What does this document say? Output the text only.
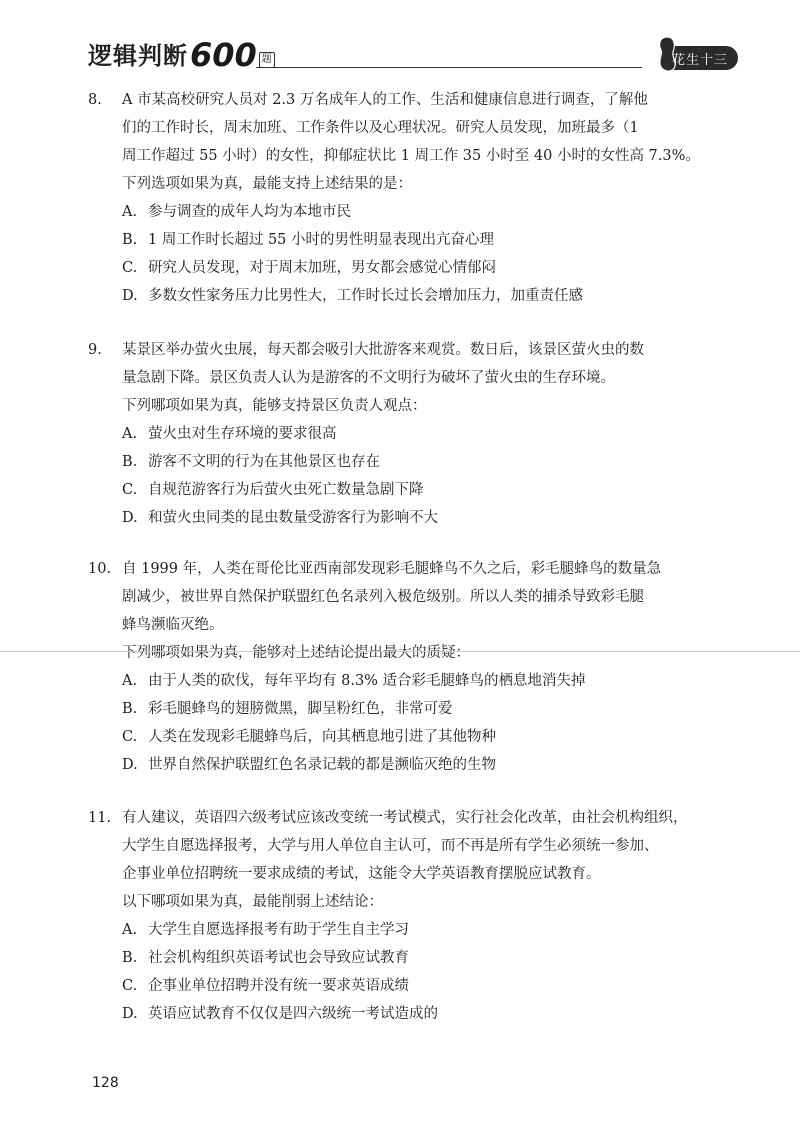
逻辑判断 600 题	花生十三
8. A 市某高校研究人员对 2.3 万名成年人的工作、生活和健康信息进行调查，了解他
们的工作时长，周末加班、工作条件以及心理状况。研究人员发现，加班最多（1
周工作超过 55 小时）的女性，抑郁症状比 1 周工作 35 小时至 40 小时的女性高 7.3%。
下列选项如果为真，最能支持上述结果的是：
A. 参与调查的成年人均为本地市民
B. 1 周工作时长超过 55 小时的男性明显表现出亢奋心理
C. 研究人员发现，对于周末加班，男女都会感觉心情郁闷
D. 多数女性家务压力比男性大，工作时长过长会增加压力，加重责任感
9. 某景区举办萤火虫展，每天都会吸引大批游客来观赏。数日后，该景区萤火虫的数
量急剧下降。景区负责人认为是游客的不文明行为破坏了萤火虫的生存环境。
下列哪项如果为真，能够支持景区负责人观点：
A. 萤火虫对生存环境的要求很高
B. 游客不文明的行为在其他景区也存在
C. 自规范游客行为后萤火虫死亡数量急剧下降
D. 和萤火虫同类的昆虫数量受游客行为影响不大
10. 自 1999 年，人类在哥伦比亚西南部发现彩毛腿蜂鸟不久之后，彩毛腿蜂鸟的数量急
剧减少，被世界自然保护联盟红色名录列入极危级别。所以人类的捕杀导致彩毛腿
蜂鸟濒临灭绝。
下列哪项如果为真，能够对上述结论提出最大的质疑：
A. 由于人类的砍伐，每年平均有 8.3% 适合彩毛腿蜂鸟的栖息地消失掉
B. 彩毛腿蜂鸟的翅膀微黑，脚呈粉红色，非常可爱
C. 人类在发现彩毛腿蜂鸟后，向其栖息地引进了其他物种
D. 世界自然保护联盟红色名录记载的都是濒临灭绝的生物
11. 有人建议，英语四六级考试应该改变统一考试模式，实行社会化改革，由社会机构组织，
大学生自愿选择报考，大学与用人单位自主认可，而不再是所有学生必须统一参加、
企事业单位招聘统一要求成绩的考试，这能令大学英语教育摆脱应试教育。
以下哪项如果为真，最能削弱上述结论：
A. 大学生自愿选择报考有助于学生自主学习
B. 社会机构组织英语考试也会导致应试教育
C. 企事业单位招聘并没有统一要求英语成绩
D. 英语应试教育不仅仅是四六级统一考试造成的
128
